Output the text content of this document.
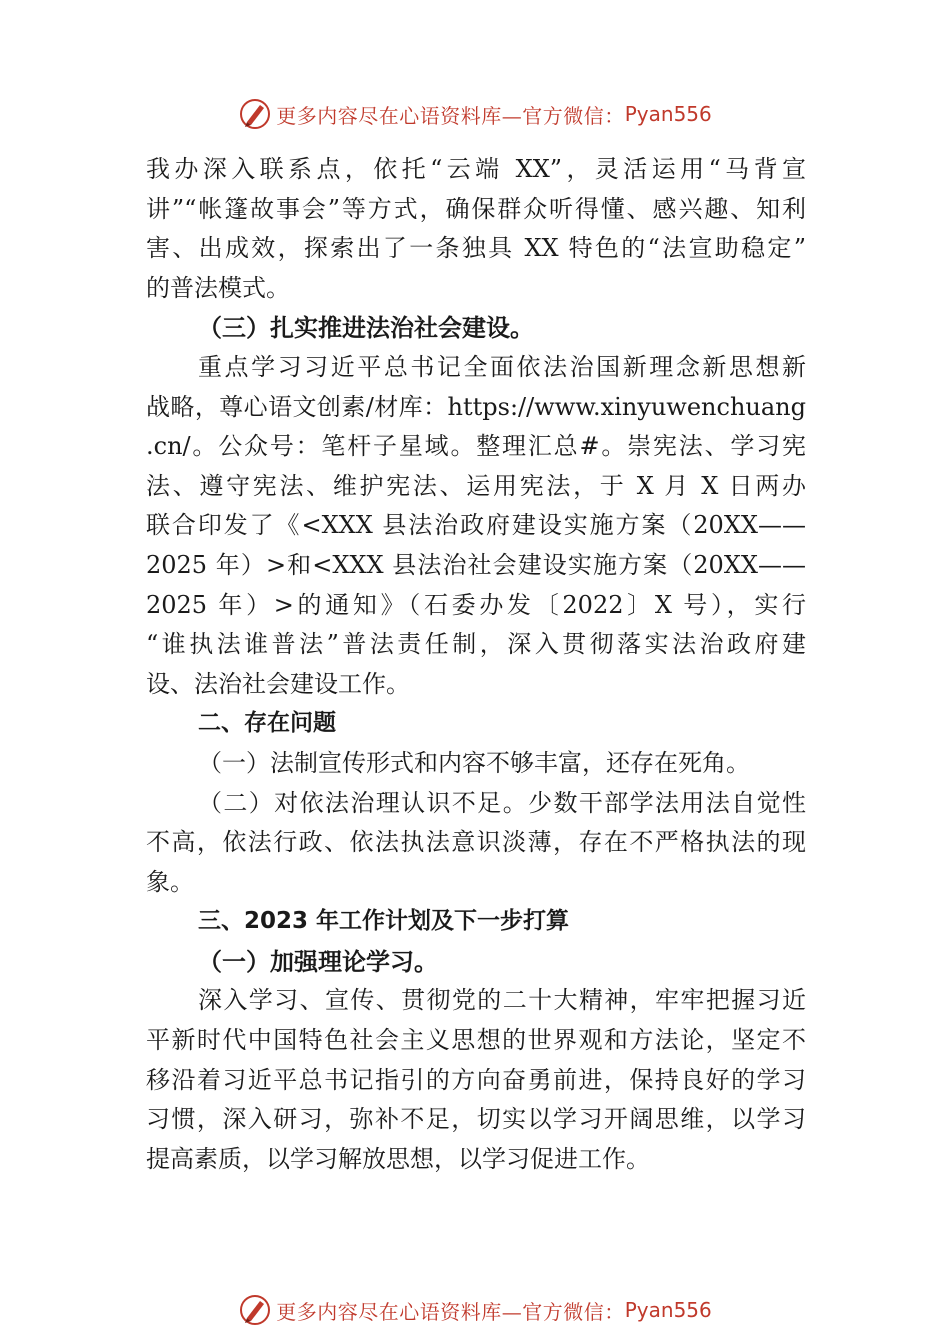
更多内容尽在心语资料库—官方微信： Pyan556
我办深入联系点，依托“云端 XX”，灵活运用“马背宣
讲”“帐篷故事会”等方式，确保群众听得懂、感兴趣、知利
害、出成效，探索出了一条独具 XX 特色的“法宣助稳定”
的普法模式。
（三）扎实推进法治社会建设。
重点学习习近平总书记全面依法治国新理念新思想新
战略，尊心语文创素/材库：https://www.xinyuwenchuang
.cn/。公众号：笔杆子星域。整理汇总#。崇宪法、学习宪
法、遵守宪法、维护宪法、运用宪法，于 X 月 X 日两办
联合印发了《<XXX 县法治政府建设实施方案（20XX——
2025 年）>和<XXX 县法治社会建设实施方案（20XX——
2025 年）>的通知》（石委办发〔2022〕X 号），实行
“谁执法谁普法”普法责任制，深入贯彻落实法治政府建
设、法治社会建设工作。
二、存在问题
（一）法制宣传形式和内容不够丰富，还存在死角。
（二）对依法治理认识不足。少数干部学法用法自觉性
不高，依法行政、依法执法意识淡薄，存在不严格执法的现
象。
三、2023 年工作计划及下一步打算
（一）加强理论学习。
深入学习、宣传、贯彻党的二十大精神，牢牢把握习近
平新时代中国特色社会主义思想的世界观和方法论，坚定不
移沿着习近平总书记指引的方向奋勇前进，保持良好的学习
习惯，深入研习，弥补不足，切实以学习开阔思维，以学习
提高素质，以学习解放思想，以学习促进工作。
更多内容尽在心语资料库—官方微信： Pyan556
